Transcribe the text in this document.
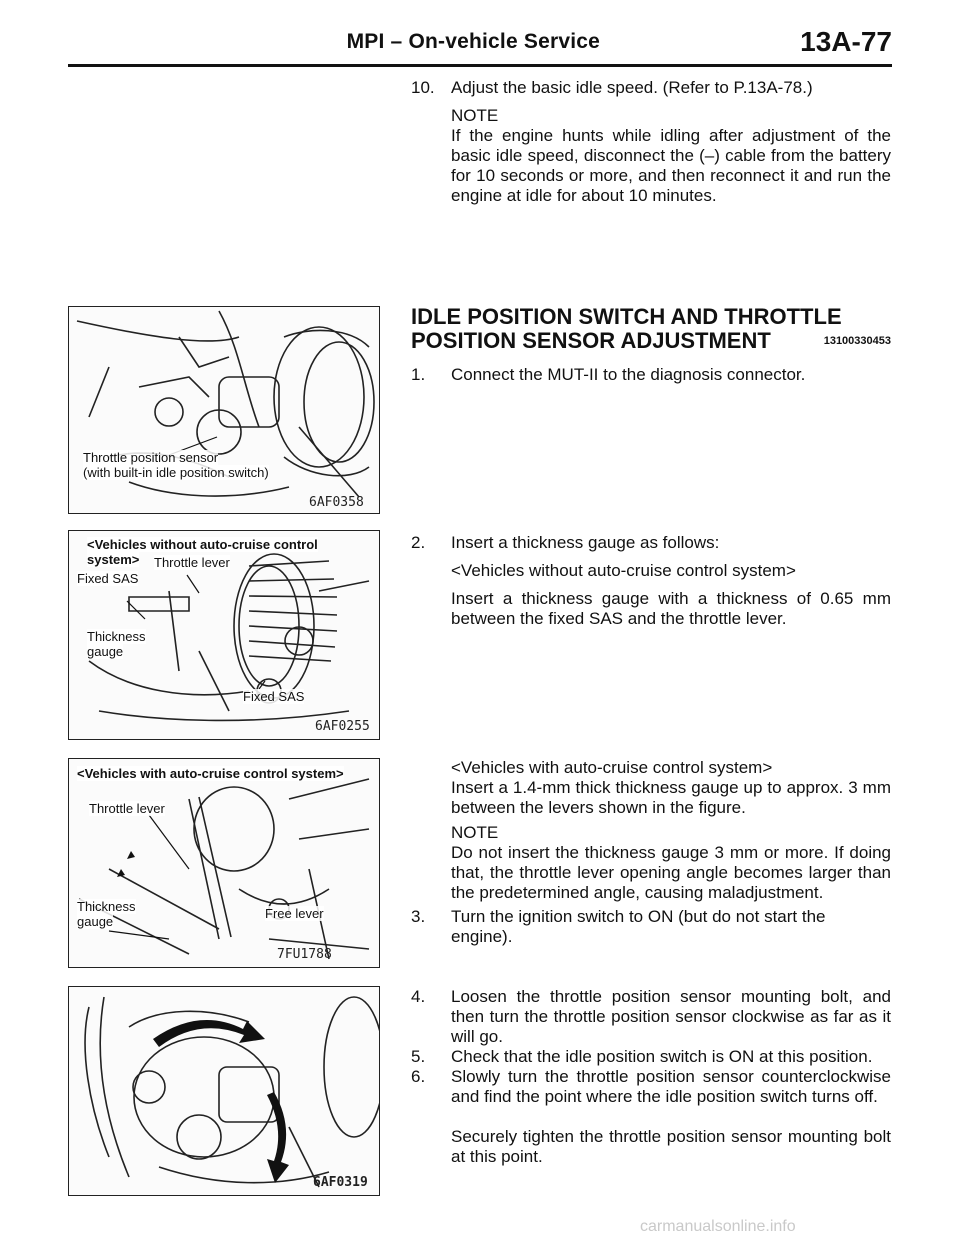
MPI – On-vehicle Service	13A-77
10. Adjust the basic idle speed. (Refer to P.13A-78.)
NOTE
If the engine hunts while idling after adjustment of the basic idle speed, disconnect the (–) cable from the battery for 10 seconds or more, and then reconnect it and run the engine at idle for about 10 minutes.
IDLE POSITION SWITCH AND THROTTLE
POSITION SENSOR ADJUSTMENT	13100330453
1. Connect the MUT-II to the diagnosis connector.
2. Insert a thickness gauge as follows:
<Vehicles without auto-cruise control system>
Insert a thickness gauge with a thickness of 0.65 mm between the fixed SAS and the throttle lever.
<Vehicles with auto-cruise control system>
Insert a 1.4-mm thick thickness gauge up to approx. 3 mm between the levers shown in the figure.
NOTE
Do not insert the thickness gauge 3 mm or more. If doing that, the throttle lever opening angle becomes larger than the predetermined angle, causing maladjustment.
3. Turn the ignition switch to ON (but do not start the engine).
4. Loosen the throttle position sensor mounting bolt, and then turn the throttle position sensor clockwise as far as it will go.
5. Check that the idle position switch is ON at this position.
6. Slowly turn the throttle position sensor counterclockwise and find the point where the idle position switch turns off.
Securely tighten the throttle position sensor mounting bolt at this point.
Throttle position sensor
(with built-in idle position switch)
6AF0358
<Vehicles without auto-cruise control
system> Throttle lever
Fixed SAS
Thickness
gauge
Fixed SAS
6AF0255
<Vehicles with auto-cruise control system>
Throttle lever
Thickness
gauge
Free lever
7FU1788
6AF0319
carmanualsonline.info
